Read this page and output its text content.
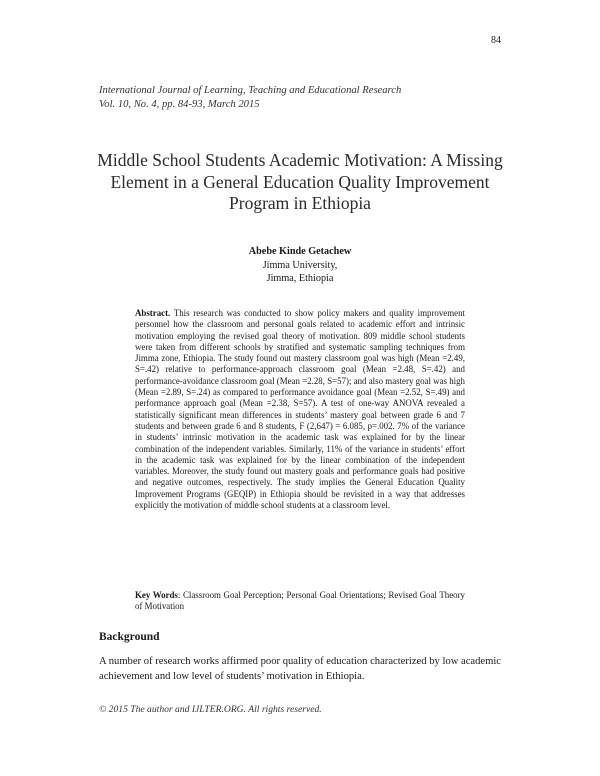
84
International Journal of Learning, Teaching and Educational Research
Vol. 10, No. 4, pp. 84-93, March 2015
Middle School Students Academic Motivation: A Missing Element in a General Education Quality Improvement Program in Ethiopia
Abebe Kinde Getachew
Jimma University,
Jimma, Ethiopia
Abstract. This research was conducted to show policy makers and quality improvement personnel how the classroom and personal goals related to academic effort and intrinsic motivation employing the revised goal theory of motivation. 809 middle school students were taken from different schools by stratified and systematic sampling techniques from Jimma zone, Ethiopia. The study found out mastery classroom goal was high (Mean =2.49, S=.42) relative to performance-approach classroom goal (Mean =2.48, S=.42) and performance-avoidance classroom goal (Mean =2.28, S=57); and also mastery goal was high (Mean =2.89, S=.24) as compared to performance avoidance goal (Mean =2.52, S=.49) and performance approach goal (Mean =2.38, S=57). A test of one-way ANOVA revealed a statistically significant mean differences in students’ mastery goal between grade 6 and 7 students and between grade 6 and 8 students, F (2,647) = 6.085, p=.002. 7% of the variance in students’ intrinsic motivation in the academic task was explained for by the linear combination of the independent variables. Similarly, 11% of the variance in students’ effort in the academic task was explained for by the linear combination of the independent variables. Moreover, the study found out mastery goals and performance goals had positive and negative outcomes, respectively. The study implies the General Education Quality Improvement Programs (GEQIP) in Ethiopia should be revisited in a way that addresses explicitly the motivation of middle school students at a classroom level.
Key Words: Classroom Goal Perception; Personal Goal Orientations; Revised Goal Theory of Motivation
Background
A number of research works affirmed poor quality of education characterized by low academic achievement and low level of students’ motivation in Ethiopia.
© 2015 The author and IJLTER.ORG. All rights reserved.
